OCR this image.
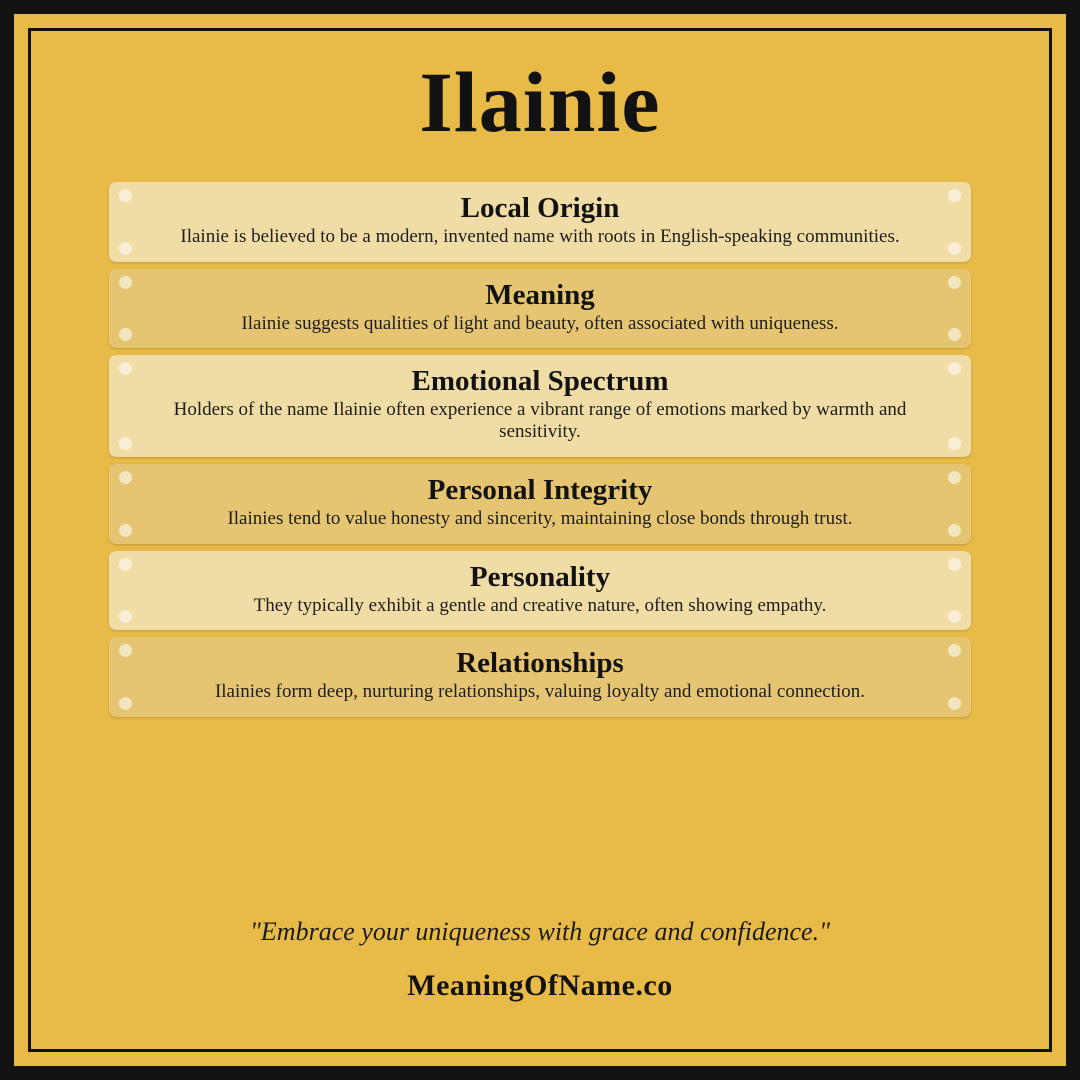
Ilainie
Local Origin
Ilainie is believed to be a modern, invented name with roots in English-speaking communities.
Meaning
Ilainie suggests qualities of light and beauty, often associated with uniqueness.
Emotional Spectrum
Holders of the name Ilainie often experience a vibrant range of emotions marked by warmth and sensitivity.
Personal Integrity
Ilainies tend to value honesty and sincerity, maintaining close bonds through trust.
Personality
They typically exhibit a gentle and creative nature, often showing empathy.
Relationships
Ilainies form deep, nurturing relationships, valuing loyalty and emotional connection.
"Embrace your uniqueness with grace and confidence."
MeaningOfName.co
